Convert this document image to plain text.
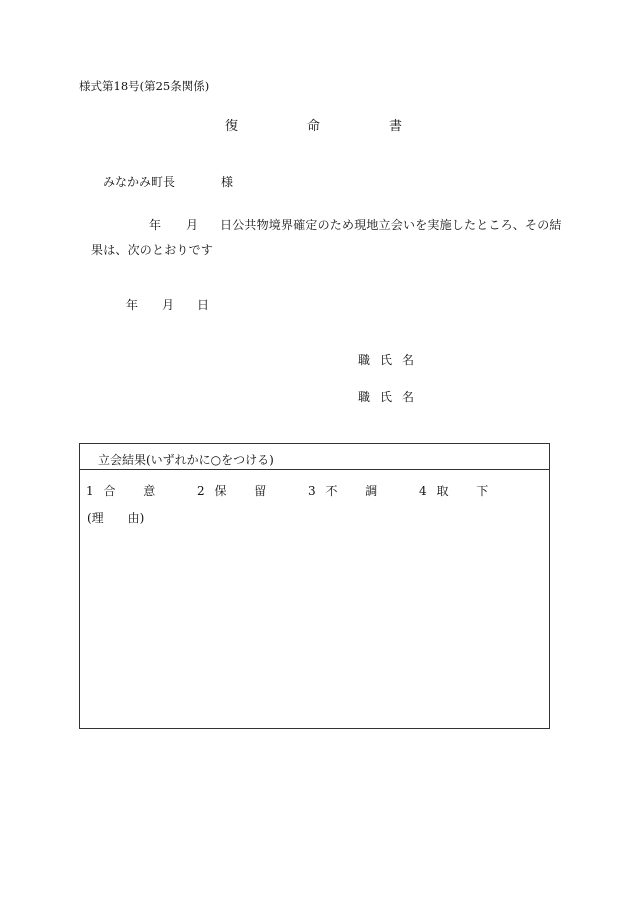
様式第18号(第25条関係)
復	命	書
みなかみ町長	様
年 月 日公共物境界確定のため現地立会いを実施したところ、その結
果は、次のとおりです
年 月 日
職 氏 名
職 氏 名
立会結果(いずれかに○をつける)
1 合 　　意	2 保 　　留	3 不 　　調	4 取 　　下
(理　　由)
